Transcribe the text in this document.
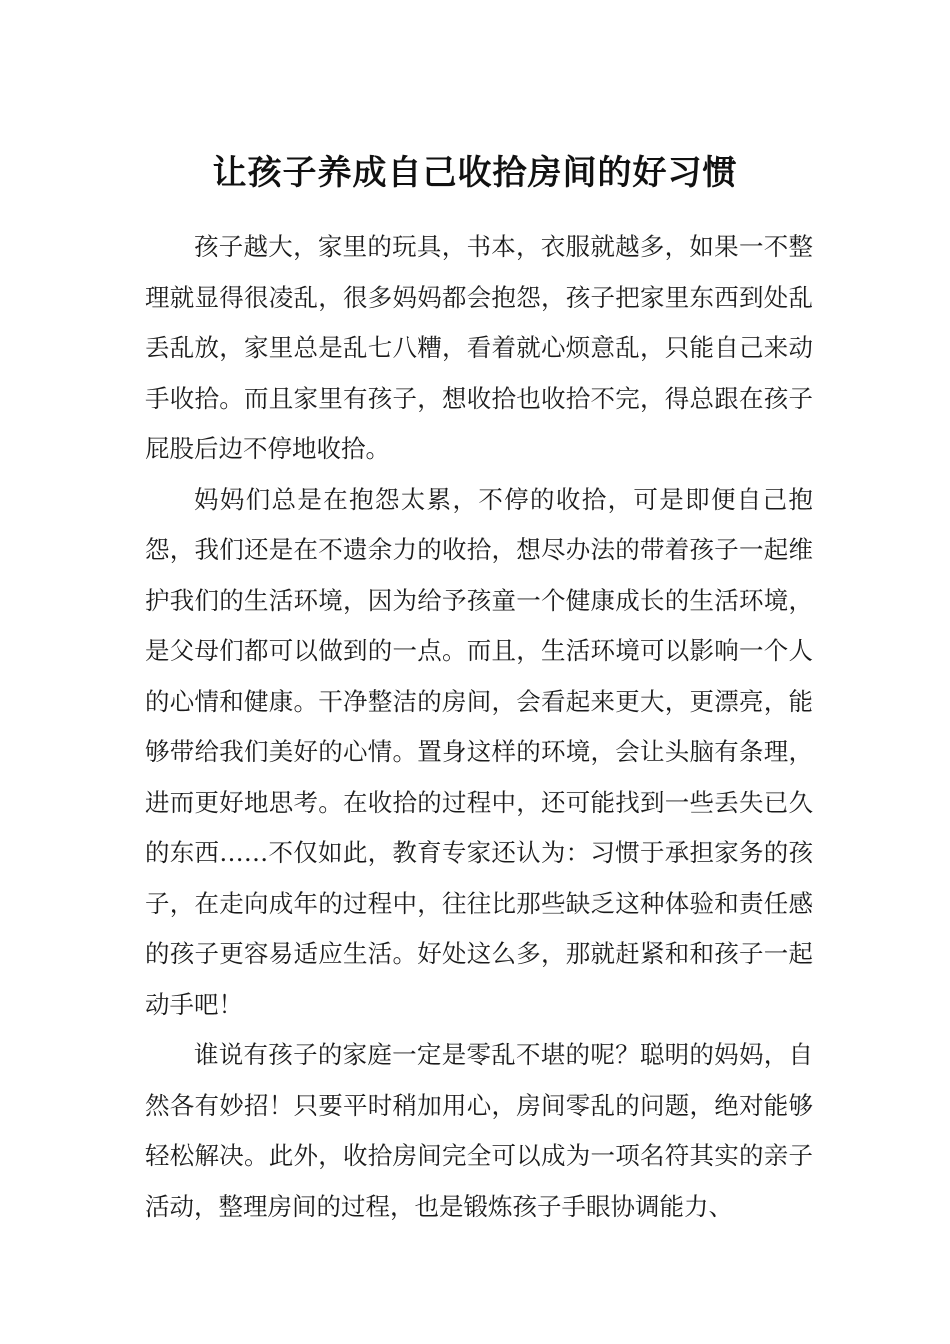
让孩子养成自己收拾房间的好习惯

孩子越大，家里的玩具，书本，衣服就越多，如果一不整理就显得很凌乱，很多妈妈都会抱怨，孩子把家里东西到处乱丢乱放，家里总是乱七八糟，看着就心烦意乱，只能自己来动手收拾。而且家里有孩子，想收拾也收拾不完，得总跟在孩子屁股后边不停地收拾。

妈妈们总是在抱怨太累，不停的收拾，可是即便自己抱怨，我们还是在不遗余力的收拾，想尽办法的带着孩子一起维护我们的生活环境，因为给予孩童一个健康成长的生活环境，是父母们都可以做到的一点。而且，生活环境可以影响一个人的心情和健康。干净整洁的房间，会看起来更大，更漂亮，能够带给我们美好的心情。置身这样的环境，会让头脑有条理，进而更好地思考。在收拾的过程中，还可能找到一些丢失已久的东西……不仅如此，教育专家还认为：习惯于承担家务的孩子，在走向成年的过程中，往往比那些缺乏这种体验和责任感的孩子更容易适应生活。好处这么多，那就赶紧和和孩子一起动手吧！

谁说有孩子的家庭一定是零乱不堪的呢？聪明的妈妈，自然各有妙招！只要平时稍加用心，房间零乱的问题，绝对能够轻松解决。此外，收拾房间完全可以成为一项名符其实的亲子活动，整理房间的过程，也是锻炼孩子手眼协调能力、
